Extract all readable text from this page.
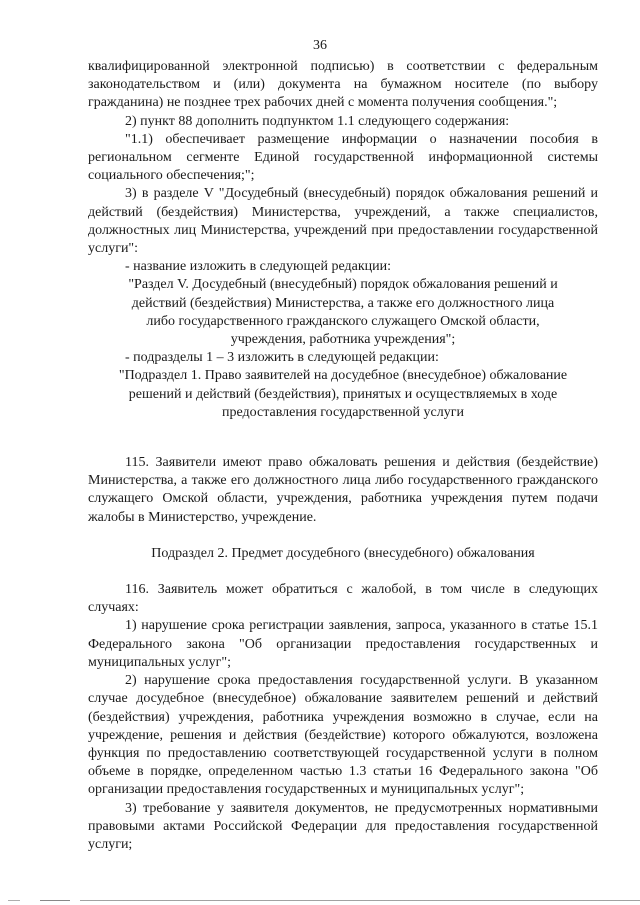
36

квалифицированной электронной подписью) в соответствии с федеральным законодательством и (или) документа на бумажном носителе (по выбору гражданина) не позднее трех рабочих дней с момента получения сообщения.";

2) пункт 88 дополнить подпунктом 1.1 следующего содержания:

"1.1) обеспечивает размещение информации о назначении пособия в региональном сегменте Единой государственной информационной системы социального обеспечения;";

3) в разделе V "Досудебный (внесудебный) порядок обжалования решений и действий (бездействия) Министерства, учреждений, а также специалистов, должностных лиц Министерства, учреждений при предоставлении государственной услуги":

- название изложить в следующей редакции:

"Раздел V. Досудебный (внесудебный) порядок обжалования решений и

действий (бездействия) Министерства, а также его должностного лица

либо государственного гражданского служащего Омской области,

учреждения, работника учреждения";

- подразделы 1 – 3 изложить в следующей редакции:

"Подраздел 1. Право заявителей на досудебное (внесудебное) обжалование

решений и действий (бездействия), принятых и осуществляемых в ходе

предоставления государственной услуги

115. Заявители имеют право обжаловать решения и действия (бездействие) Министерства, а также его должностного лица либо государственного гражданского служащего Омской области, учреждения, работника учреждения путем подачи жалобы в Министерство, учреждение.

Подраздел 2. Предмет досудебного (внесудебного) обжалования

116. Заявитель может обратиться с жалобой, в том числе в следующих случаях:

1) нарушение срока регистрации заявления, запроса, указанного в статье 15.1 Федерального закона "Об организации предоставления государственных и муниципальных услуг";

2) нарушение срока предоставления государственной услуги. В указанном случае досудебное (внесудебное) обжалование заявителем решений и действий (бездействия) учреждения, работника учреждения возможно в случае, если на учреждение, решения и действия (бездействие) которого обжалуются, возложена функция по предоставлению соответствующей государственной услуги в полном объеме в порядке, определенном частью 1.3 статьи 16 Федерального закона "Об организации предоставления государственных и муниципальных услуг";

3) требование у заявителя документов, не предусмотренных нормативными правовыми актами Российской Федерации для предоставления государственной услуги;
